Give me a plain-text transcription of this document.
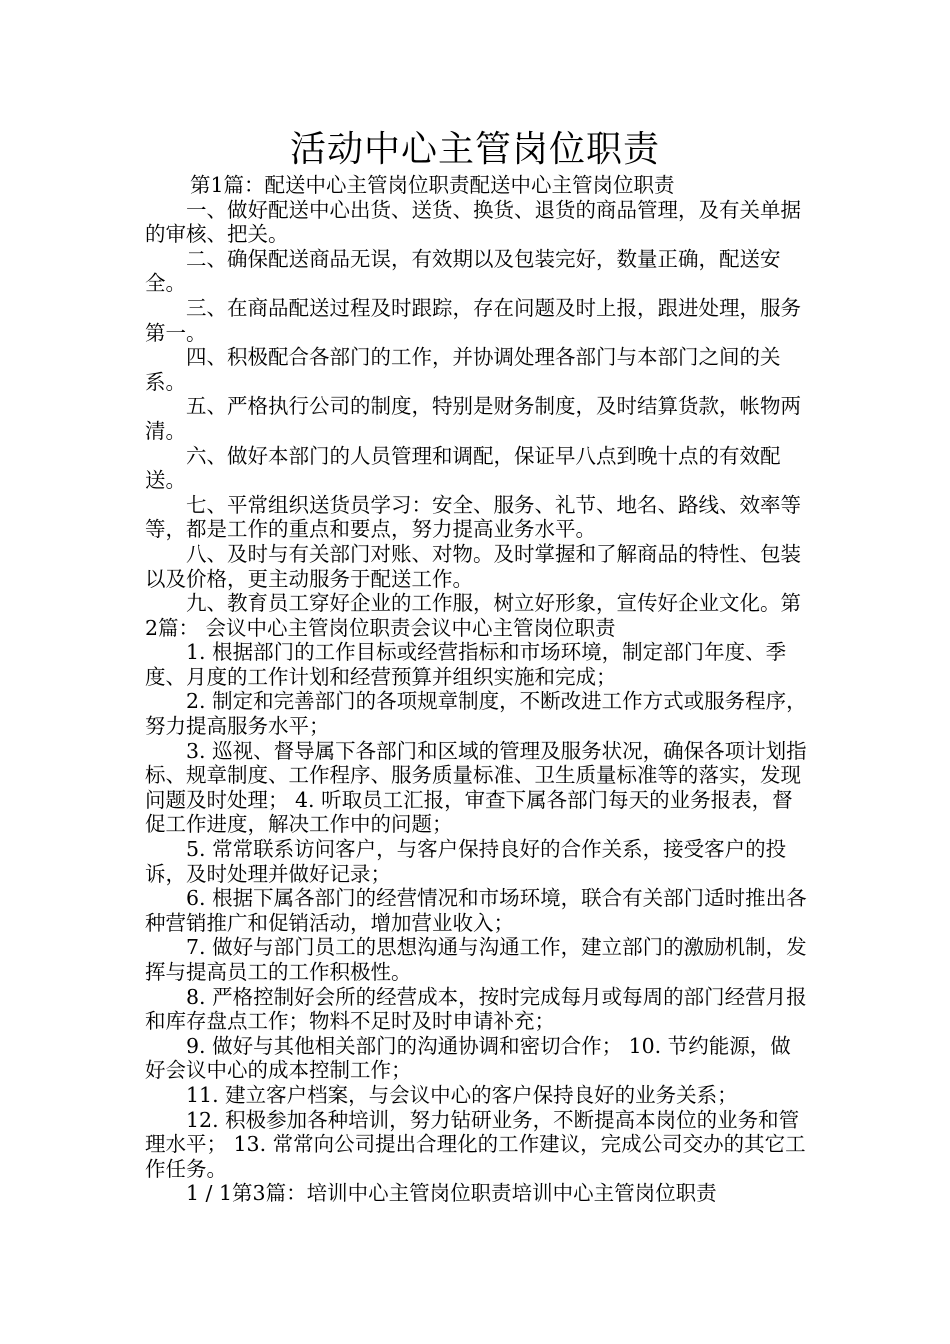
活动中心主管岗位职责

第1篇：配送中心主管岗位职责配送中心主管岗位职责

一、做好配送中心出货、送货、换货、退货的商品管理，及有关单据的审核、把关。

二、确保配送商品无误，有效期以及包装完好，数量正确，配送安全。

三、在商品配送过程及时跟踪，存在问题及时上报，跟进处理，服务第一。

四、积极配合各部门的工作，并协调处理各部门与本部门之间的关系。

五、严格执行公司的制度，特别是财务制度，及时结算货款，帐物两清。

六、做好本部门的人员管理和调配，保证早八点到晚十点的有效配送。

七、平常组织送货员学习：安全、服务、礼节、地名、路线、效率等等，都是工作的重点和要点，努力提高业务水平。

八、及时与有关部门对账、对物。及时掌握和了解商品的特性、包装以及价格，更主动服务于配送工作。

九、教育员工穿好企业的工作服，树立好形象，宣传好企业文化。第2篇： 会议中心主管岗位职责会议中心主管岗位职责

1. 根据部门的工作目标或经营指标和市场环境，制定部门年度、季度、月度的工作计划和经营预算并组织实施和完成；

2. 制定和完善部门的各项规章制度，不断改进工作方式或服务程序，努力提高服务水平；

3. 巡视、督导属下各部门和区域的管理及服务状况，确保各项计划指标、规章制度、工作程序、服务质量标准、卫生质量标准等的落实，发现问题及时处理； 4. 听取员工汇报，审查下属各部门每天的业务报表，督促工作进度，解决工作中的问题；

5. 常常联系访问客户，与客户保持良好的合作关系，接受客户的投诉，及时处理并做好记录；

6. 根据下属各部门的经营情况和市场环境，联合有关部门适时推出各种营销推广和促销活动，增加营业收入；

7. 做好与部门员工的思想沟通与沟通工作，建立部门的激励机制，发挥与提高员工的工作积极性。

8. 严格控制好会所的经营成本，按时完成每月或每周的部门经营月报和库存盘点工作；物料不足时及时申请补充；

9. 做好与其他相关部门的沟通协调和密切合作； 10. 节约能源，做好会议中心的成本控制工作；

11. 建立客户档案，与会议中心的客户保持良好的业务关系；

12. 积极参加各种培训，努力钻研业务，不断提高本岗位的业务和管理水平； 13. 常常向公司提出合理化的工作建议，完成公司交办的其它工作任务。

1 / 1第3篇：培训中心主管岗位职责培训中心主管岗位职责
